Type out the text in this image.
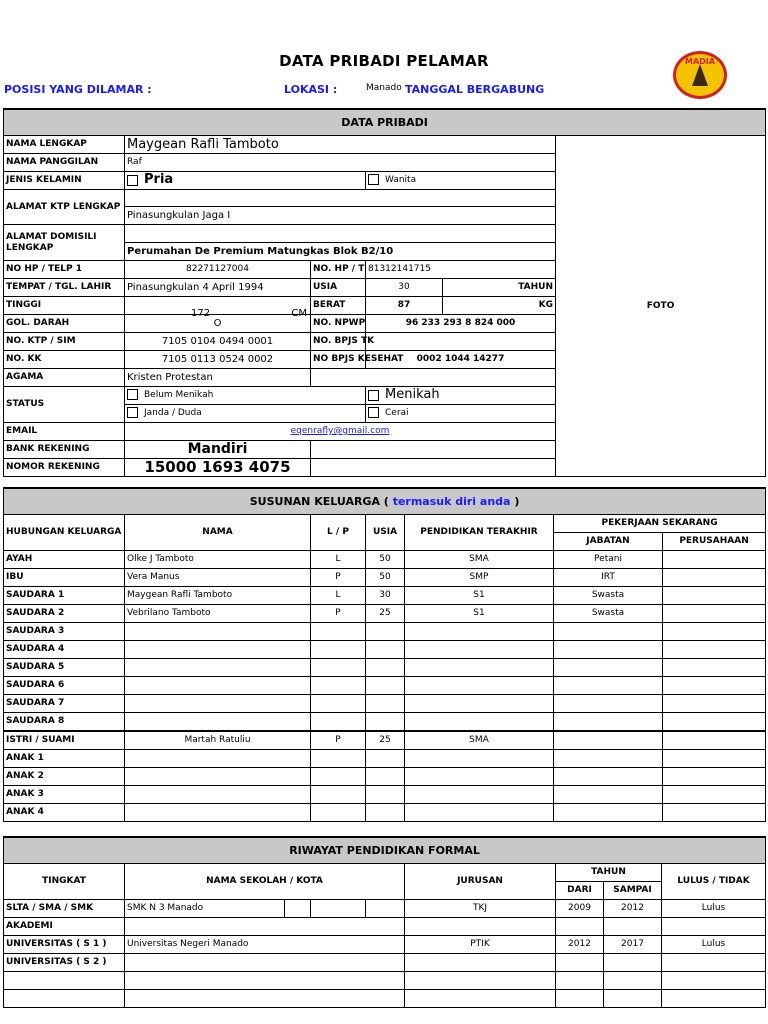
DATA PRIBADI PELAMAR
POSISI YANG DILAMAR :	LOKASI :	Manado TANGGAL BERGABUNG
MADIA
DATA PRIBADI					
NAMA LENGKAP	Maygean Rafli Tamboto				FOTO
NAMA PANGGILAN	Raf				
JENIS KELAMIN	Pria		Wanita		
ALAMAT KTP LENGKAP					
	Pinasungkulan Jaga I				
ALAMAT DOMISILI LENGKAP					
	Perumahan De Premium Matungkas Blok B2/10				
NO HP / TELP 1	82271127004	NO. HP / T	81312141715		
TEMPAT / TGL. LAHIR	Pinasungkulan 4 April 1994	USIA	30	TAHUN	
TINGGI	172 CM	BERAT	87	KG	
GOL. DARAH	O	NO. NPWP	96 233 293 8 824 000		
NO. KTP / SIM	7105 0104 0494 0001	NO. BPJS TK			
NO. KK	7105 0113 0524 0002	NO BPJS KESEHAT	0002 1044 14277		
AGAMA	Kristen Protestan				
STATUS	Belum Menikah		Menikah		
	Janda / Duda		Cerai		
EMAIL	eqenrafly@gmail.com				
BANK REKENING	Mandiri				
NOMOR REKENING	15000 1693 4075				
SUSUNAN KELUARGA ( termasuk diri anda )						
HUBUNGAN KELUARGA	NAMA	L / P	USIA	PENDIDIKAN TERAKHIR	PEKERJAAN SEKARANG	
					JABATAN	PERUSAHAAN
AYAH	Olke J Tamboto	L	50	SMA	Petani	
IBU	Vera Manus	P	50	SMP	IRT	
SAUDARA 1	Maygean Rafli Tamboto	L	30	S1	Swasta	
SAUDARA 2	Vebrilano Tamboto	P	25	S1	Swasta	
SAUDARA 3						
SAUDARA 4						
SAUDARA 5						
SAUDARA 6						
SAUDARA 7						
SAUDARA 8						
ISTRI / SUAMI	Martah Ratuliu	P	25	SMA		
ANAK 1						
ANAK 2						
ANAK 3						
ANAK 4						
RIWAYAT PENDIDIKAN FORMAL								
TINGKAT	NAMA SEKOLAH / KOTA				JURUSAN	TAHUN		LULUS / TIDAK
						DARI	SAMPAI	
SLTA / SMA / SMK	SMK N 3 Manado				TKJ	2009	2012	Lulus
AKADEMI								
UNIVERSITAS ( S 1 )	Universitas Negeri Manado				PTIK	2012	2017	Lulus
UNIVERSITAS ( S 2 )								
